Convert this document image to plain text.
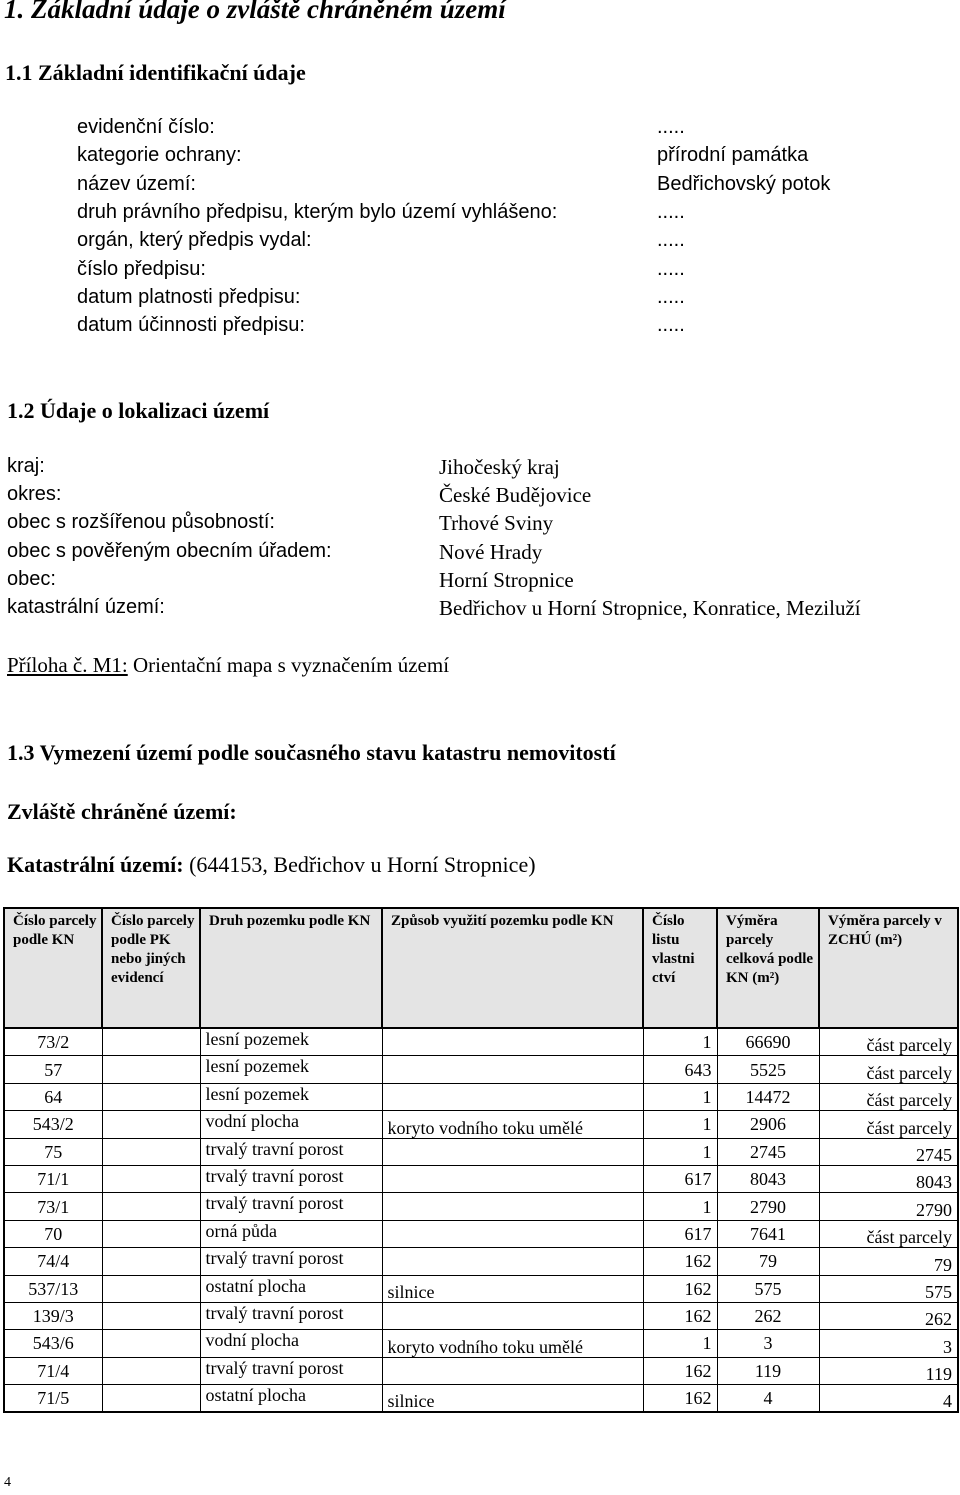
1. Základní údaje o zvláště chráněném území
1.1 Základní identifikační údaje
evidenční číslo:	.....
kategorie ochrany:	přírodní památka
název území:	Bedřichovský potok
druh právního předpisu, kterým bylo území vyhlášeno:	.....
orgán, který předpis vydal:	.....
číslo předpisu:	.....
datum platnosti předpisu:	.....
datum účinnosti předpisu:	.....
1.2 Údaje o lokalizaci území
kraj:	Jihočeský kraj
okres:	České Budějovice
obec s rozšířenou působností:	Trhové Sviny
obec s pověřeným obecním úřadem:	Nové Hrady
obec:	Horní Stropnice
katastrální území:	Bedřichov u Horní Stropnice, Konratice, Meziluží
Příloha č. M1: Orientační mapa s vyznačením území
1.3 Vymezení území podle současného stavu katastru nemovitostí
Zvláště chráněné území:
Katastrální území: (644153, Bedřichov u Horní Stropnice)
Číslo parcely podle KN	Číslo parcely podle PK nebo jiných evidencí	Druh pozemku podle KN	Způsob využití pozemku podle KN	Číslo listu vlastni ctví	Výměra parcely celková podle KN (m²)	Výměra parcely v ZCHÚ (m²)
73/2		lesní pozemek		1	66690	část parcely
57		lesní pozemek		643	5525	část parcely
64		lesní pozemek		1	14472	část parcely
543/2		vodní plocha	koryto vodního toku umělé	1	2906	část parcely
75		trvalý travní porost		1	2745	2745
71/1		trvalý travní porost		617	8043	8043
73/1		trvalý travní porost		1	2790	2790
70		orná půda		617	7641	část parcely
74/4		trvalý travní porost		162	79	79
537/13		ostatní plocha	silnice	162	575	575
139/3		trvalý travní porost		162	262	262
543/6		vodní plocha	koryto vodního toku umělé	1	3	3
71/4		trvalý travní porost		162	119	119
71/5		ostatní plocha	silnice	162	4	4
4
